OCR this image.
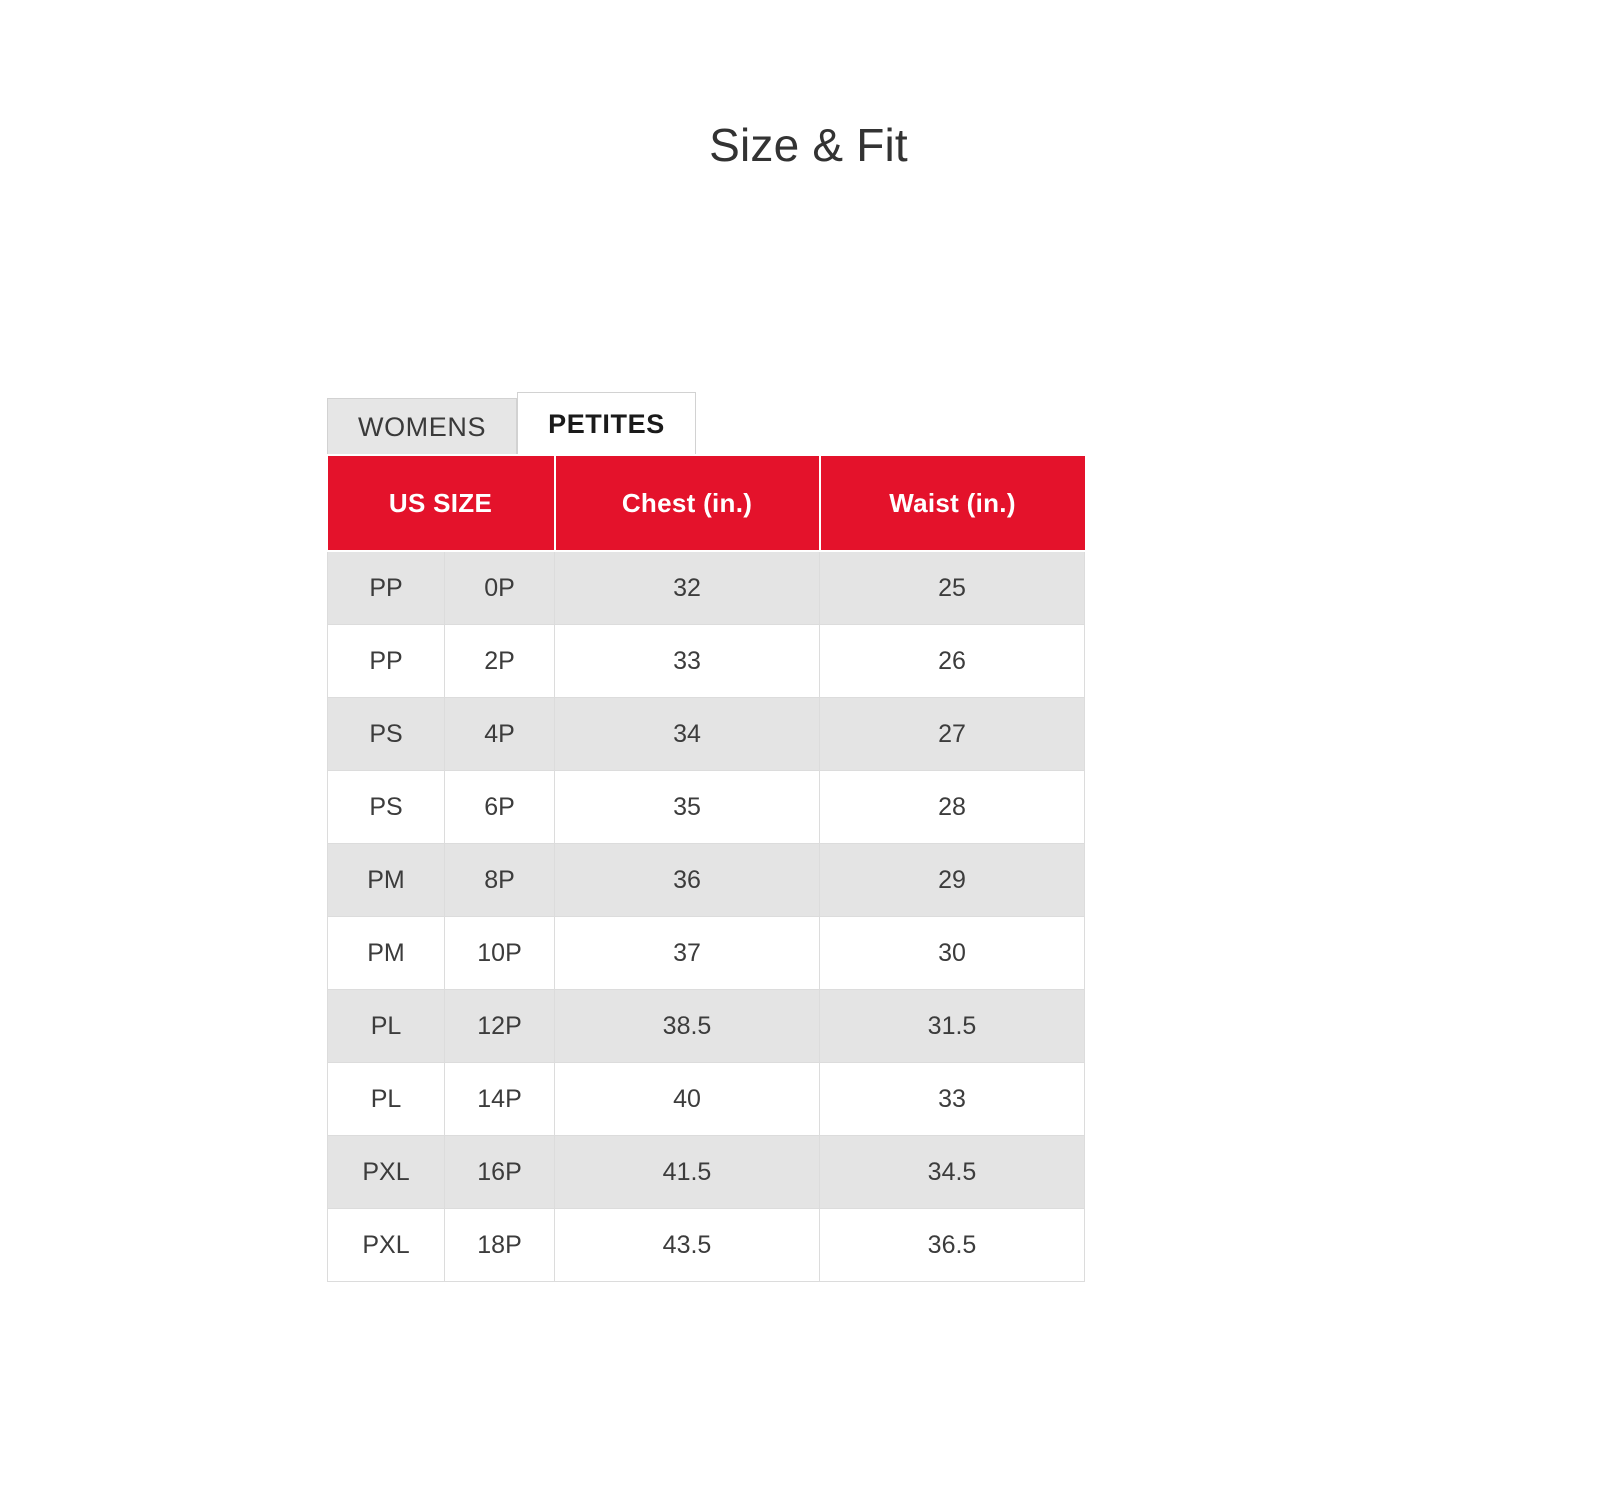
Size & Fit
WOMENS	PETITES
US SIZE		Chest (in.)	Waist (in.)
PP	0P	32	25
PP	2P	33	26
PS	4P	34	27
PS	6P	35	28
PM	8P	36	29
PM	10P	37	30
PL	12P	38.5	31.5
PL	14P	40	33
PXL	16P	41.5	34.5
PXL	18P	43.5	36.5
